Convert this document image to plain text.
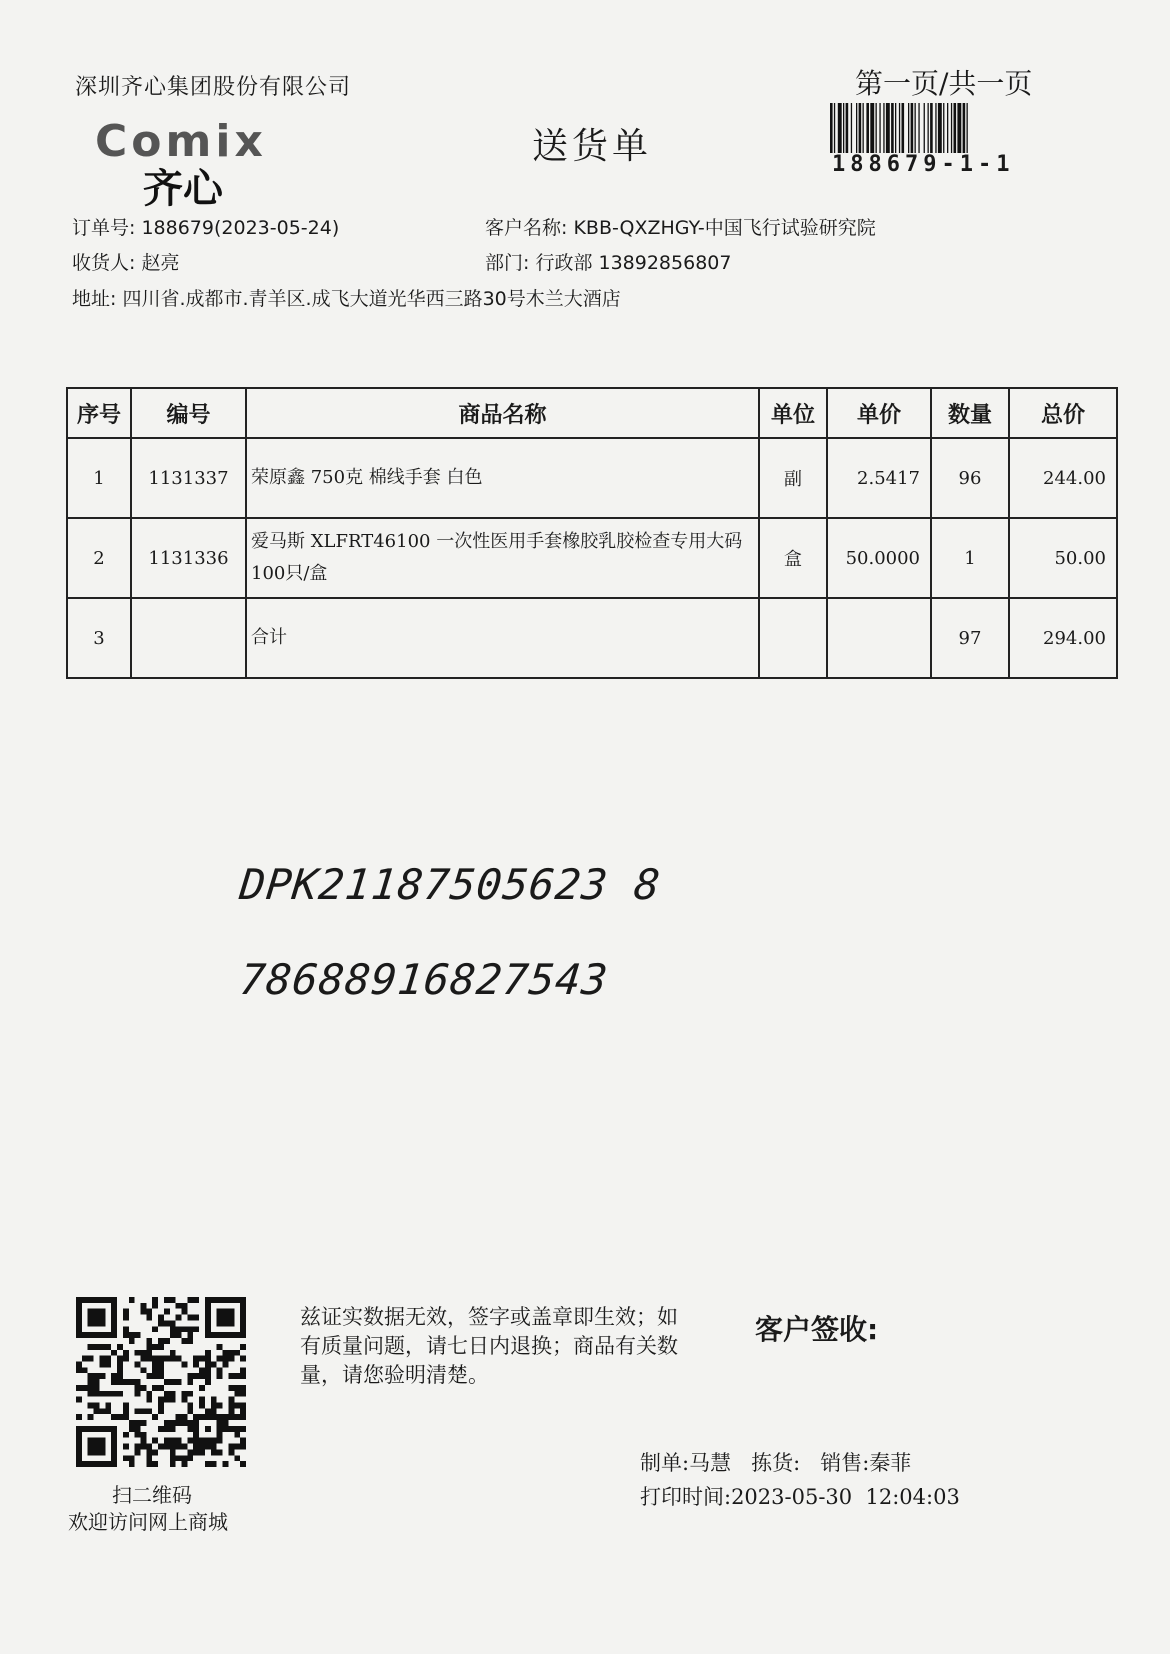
深圳齐心集团股份有限公司	第一页/共一页
188679-1-1
Comix
齐心
送货单
订单号: 188679(2023-05-24)	客户名称: KBB-QXZHGY-中国飞行试验研究院
收货人: 赵亮	部门: 行政部 13892856807
地址: 四川省.成都市.青羊区.成飞大道光华西三路30号木兰大酒店
序号	编号	商品名称	单位	单价	数量	总价
1	1131337	荣原鑫 750克 棉线手套 白色	副	2.5417	96	244.00
2	1131336	爱马斯 XLFRT46100 一次性医用手套橡胶乳胶检查专用大码100只/盒	盒	50.0000	1	50.00
3		合计			97	294.00
DPK21187505623 8
78688916827543
扫二维码
欢迎访问网上商城
兹证实数据无效，签字或盖章即生效；如有质量问题，请七日内退换；商品有关数量，请您验明清楚。
客户签收:
制单:马慧   拣货:   销售:秦菲
打印时间:2023-05-30  12:04:03
